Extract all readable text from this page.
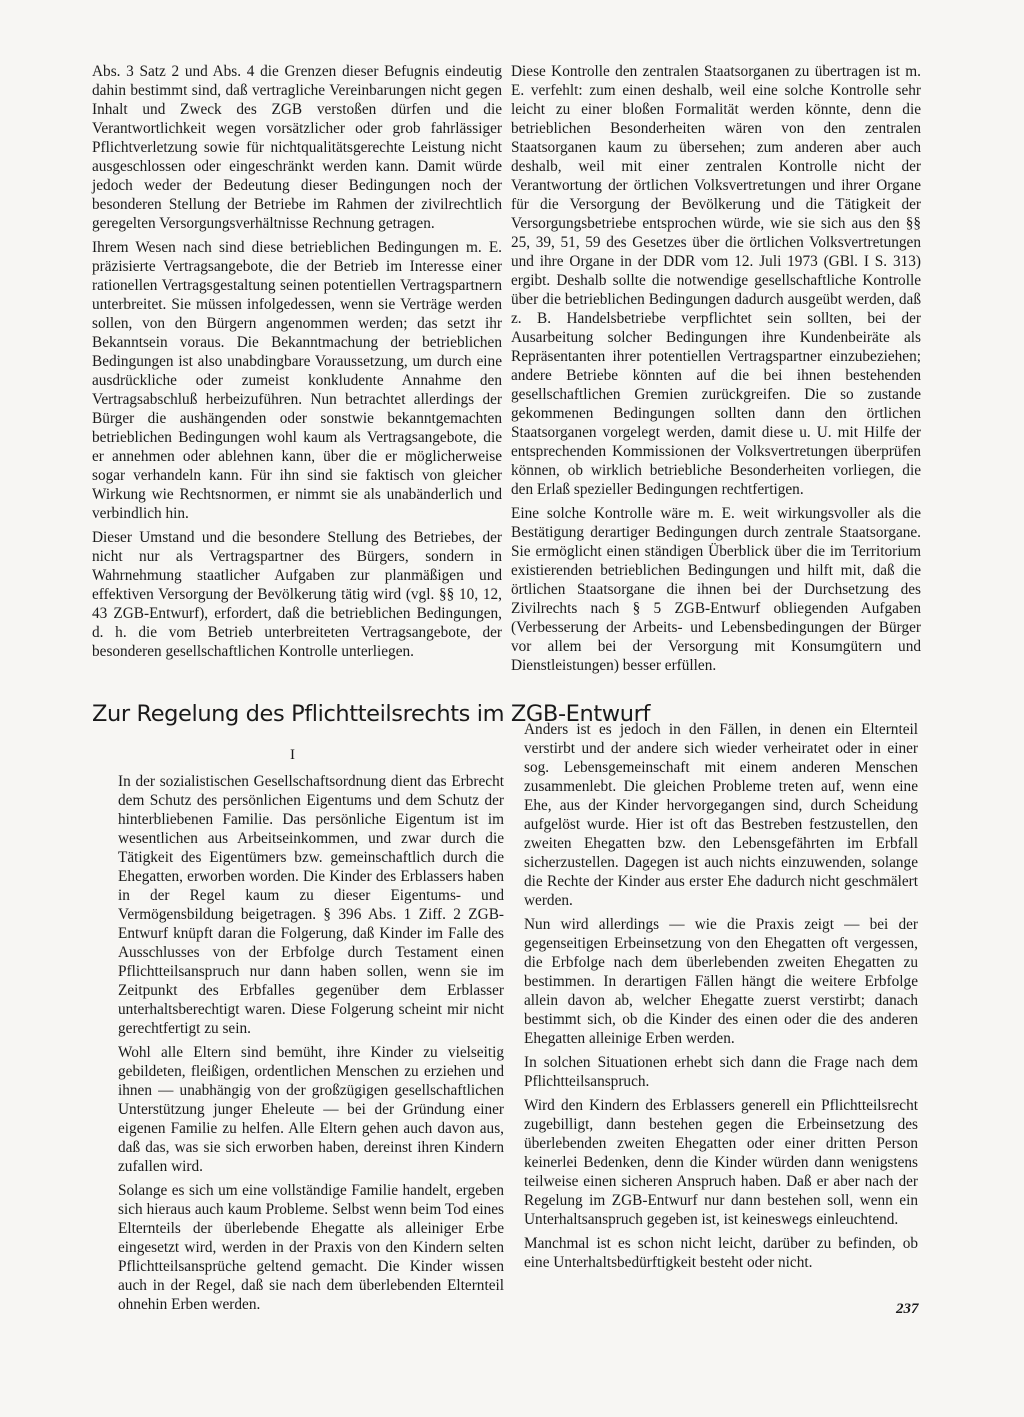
Abs. 3 Satz 2 und Abs. 4 die Grenzen dieser Befugnis eindeutig dahin bestimmt sind, daß vertragliche Vereinbarungen nicht gegen Inhalt und Zweck des ZGB verstoßen dürfen und die Verantwortlichkeit wegen vorsätzlicher oder grob fahrlässiger Pflichtverletzung sowie für nichtqualitätsgerechte Leistung nicht ausgeschlossen oder eingeschränkt werden kann. Damit würde jedoch weder der Bedeutung dieser Bedingungen noch der besonderen Stellung der Betriebe im Rahmen der zivilrechtlich geregelten Versorgungsverhältnisse Rechnung getragen.

Ihrem Wesen nach sind diese betrieblichen Bedingungen m. E. präzisierte Vertragsangebote, die der Betrieb im Interesse einer rationellen Vertragsgestaltung seinen potentiellen Vertragspartnern unterbreitet. Sie müssen infolgedessen, wenn sie Verträge werden sollen, von den Bürgern angenommen werden; das setzt ihr Bekanntsein voraus. Die Bekanntmachung der betrieblichen Bedingungen ist also unabdingbare Voraussetzung, um durch eine ausdrückliche oder zumeist konkludente Annahme den Vertragsabschluß herbeizuführen. Nun betrachtet allerdings der Bürger die aushängenden oder sonstwie bekanntgemachten betrieblichen Bedingungen wohl kaum als Vertragsangebote, die er annehmen oder ablehnen kann, über die er möglicherweise sogar verhandeln kann. Für ihn sind sie faktisch von gleicher Wirkung wie Rechtsnormen, er nimmt sie als unabänderlich und verbindlich hin.

Dieser Umstand und die besondere Stellung des Betriebes, der nicht nur als Vertragspartner des Bürgers, sondern in Wahrnehmung staatlicher Aufgaben zur planmäßigen und effektiven Versorgung der Bevölkerung tätig wird (vgl. §§ 10, 12, 43 ZGB-Entwurf), erfordert, daß die betrieblichen Bedingungen, d. h. die vom Betrieb unterbreiteten Vertragsangebote, der besonderen gesellschaftlichen Kontrolle unterliegen.

Diese Kontrolle den zentralen Staatsorganen zu übertragen ist m. E. verfehlt: zum einen deshalb, weil eine solche Kontrolle sehr leicht zu einer bloßen Formalität werden könnte, denn die betrieblichen Besonderheiten wären von den zentralen Staatsorganen kaum zu übersehen; zum anderen aber auch deshalb, weil mit einer zentralen Kontrolle nicht der Verantwortung der örtlichen Volksvertretungen und ihrer Organe für die Versorgung der Bevölkerung und die Tätigkeit der Versorgungsbetriebe entsprochen würde, wie sie sich aus den §§ 25, 39, 51, 59 des Gesetzes über die örtlichen Volksvertretungen und ihre Organe in der DDR vom 12. Juli 1973 (GBl. I S. 313) ergibt. Deshalb sollte die notwendige gesellschaftliche Kontrolle über die betrieblichen Bedingungen dadurch ausgeübt werden, daß z. B. Handelsbetriebe verpflichtet sein sollten, bei der Ausarbeitung solcher Bedingungen ihre Kundenbeiräte als Repräsentanten ihrer potentiellen Vertragspartner einzubeziehen; andere Betriebe könnten auf die bei ihnen bestehenden gesellschaftlichen Gremien zurückgreifen. Die so zustande gekommenen Bedingungen sollten dann den örtlichen Staatsorganen vorgelegt werden, damit diese u. U. mit Hilfe der entsprechenden Kommissionen der Volksvertretungen überprüfen können, ob wirklich betriebliche Besonderheiten vorliegen, die den Erlaß spezieller Bedingungen rechtfertigen.

Eine solche Kontrolle wäre m. E. weit wirkungsvoller als die Bestätigung derartiger Bedingungen durch zentrale Staatsorgane. Sie ermöglicht einen ständigen Überblick über die im Territorium existierenden betrieblichen Bedingungen und hilft mit, daß die örtlichen Staatsorgane die ihnen bei der Durchsetzung des Zivilrechts nach § 5 ZGB-Entwurf obliegenden Aufgaben (Verbesserung der Arbeits- und Lebensbedingungen der Bürger vor allem bei der Versorgung mit Konsumgütern und Dienstleistungen) besser erfüllen.

Zur Regelung des Pflichtteilsrechts im ZGB-Entwurf
I

In der sozialistischen Gesellschaftsordnung dient das Erbrecht dem Schutz des persönlichen Eigentums und dem Schutz der hinterbliebenen Familie. Das persönliche Eigentum ist im wesentlichen aus Arbeitseinkommen, und zwar durch die Tätigkeit des Eigentümers bzw. gemeinschaftlich durch die Ehegatten, erworben worden. Die Kinder des Erblassers haben in der Regel kaum zu dieser Eigentums- und Vermögensbildung beigetragen. § 396 Abs. 1 Ziff. 2 ZGB-Entwurf knüpft daran die Folgerung, daß Kinder im Falle des Ausschlusses von der Erbfolge durch Testament einen Pflichtteilsanspruch nur dann haben sollen, wenn sie im Zeitpunkt des Erbfalles gegenüber dem Erblasser unterhaltsberechtigt waren. Diese Folgerung scheint mir nicht gerechtfertigt zu sein.

Wohl alle Eltern sind bemüht, ihre Kinder zu vielseitig gebildeten, fleißigen, ordentlichen Menschen zu erziehen und ihnen — unabhängig von der großzügigen gesellschaftlichen Unterstützung junger Eheleute — bei der Gründung einer eigenen Familie zu helfen. Alle Eltern gehen auch davon aus, daß das, was sie sich erworben haben, dereinst ihren Kindern zufallen wird.

Solange es sich um eine vollständige Familie handelt, ergeben sich hieraus auch kaum Probleme. Selbst wenn beim Tod eines Elternteils der überlebende Ehegatte als alleiniger Erbe eingesetzt wird, werden in der Praxis von den Kindern selten Pflichtteilsansprüche geltend gemacht. Die Kinder wissen auch in der Regel, daß sie nach dem überlebenden Elternteil ohnehin Erben werden.

Anders ist es jedoch in den Fällen, in denen ein Elternteil verstirbt und der andere sich wieder verheiratet oder in einer sog. Lebensgemeinschaft mit einem anderen Menschen zusammenlebt. Die gleichen Probleme treten auf, wenn eine Ehe, aus der Kinder hervorgegangen sind, durch Scheidung aufgelöst wurde. Hier ist oft das Bestreben festzustellen, den zweiten Ehegatten bzw. den Lebensgefährten im Erbfall sicherzustellen. Dagegen ist auch nichts einzuwenden, solange die Rechte der Kinder aus erster Ehe dadurch nicht geschmälert werden.

Nun wird allerdings — wie die Praxis zeigt — bei der gegenseitigen Erbeinsetzung von den Ehegatten oft vergessen, die Erbfolge nach dem überlebenden zweiten Ehegatten zu bestimmen. In derartigen Fällen hängt die weitere Erbfolge allein davon ab, welcher Ehegatte zuerst verstirbt; danach bestimmt sich, ob die Kinder des einen oder die des anderen Ehegatten alleinige Erben werden.

In solchen Situationen erhebt sich dann die Frage nach dem Pflichtteilsanspruch.

Wird den Kindern des Erblassers generell ein Pflichtteilsrecht zugebilligt, dann bestehen gegen die Erbeinsetzung des überlebenden zweiten Ehegatten oder einer dritten Person keinerlei Bedenken, denn die Kinder würden dann wenigstens teilweise einen sicheren Anspruch haben. Daß er aber nach der Regelung im ZGB-Entwurf nur dann bestehen soll, wenn ein Unterhaltsanspruch gegeben ist, ist keineswegs einleuchtend.

Manchmal ist es schon nicht leicht, darüber zu befinden, ob eine Unterhaltsbedürftigkeit besteht oder nicht.

237
